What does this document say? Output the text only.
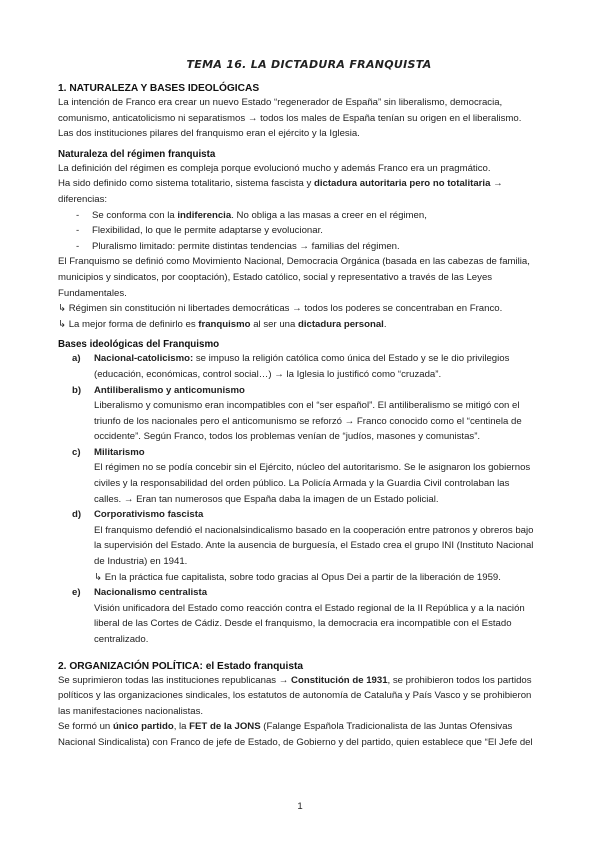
TEMA 16. LA DICTADURA FRANQUISTA
1. NATURALEZA Y BASES IDEOLÓGICAS

La intención de Franco era crear un nuevo Estado “regenerador de España” sin liberalismo, democracia,

comunismo, anticatolicismo ni separatismos → todos los males de España tenían su origen en el liberalismo.

Las dos instituciones pilares del franquismo eran el ejército y la Iglesia.

Naturaleza del régimen franquista

La definición del régimen es compleja porque evolucionó mucho y además Franco era un pragmático.

Ha sido definido como sistema totalitario, sistema fascista y dictadura autoritaria pero no totalitaria →

diferencias:

- Se conforma con la indiferencia. No obliga a las masas a creer en el régimen,
- Flexibilidad, lo que le permite adaptarse y evolucionar.
- Pluralismo limitado: permite distintas tendencias → familias del régimen.

El Franquismo se definió como Movimiento Nacional, Democracia Orgánica (basada en las cabezas de familia,

municipios y sindicatos, por cooptación), Estado católico, social y representativo a través de las Leyes

Fundamentales.

↳ Régimen sin constitución ni libertades democráticas → todos los poderes se concentraban en Franco.

↳ La mejor forma de definirlo es franquismo al ser una dictadura personal.

Bases ideológicas del Franquismo
a) Nacional-catolicismo: se impuso la religión católica como única del Estado y se le dio privilegios

(educación, económicas, control social…) → la Iglesia lo justificó como “cruzada”.

b) Antiliberalismo y anticomunismo

Liberalismo y comunismo eran incompatibles con el “ser español”. El antiliberalismo se mitigó con el

triunfo de los nacionales pero el anticomunismo se reforzó → Franco conocido como el “centinela de

occidente”. Según Franco, todos los problemas venían de “judíos, masones y comunistas”.

c) Militarismo

El régimen no se podía concebir sin el Ejército, núcleo del autoritarismo. Se le asignaron los gobiernos

civiles y la responsabilidad del orden público. La Policía Armada y la Guardia Civil controlaban las

calles. → Eran tan numerosos que España daba la imagen de un Estado policial.

d) Corporativismo fascista

El franquismo defendió el nacionalsindicalismo basado en la cooperación entre patronos y obreros bajo

la supervisión del Estado. Ante la ausencia de burguesía, el Estado crea el grupo INI (Instituto Nacional

de Industria) en 1941.

↳ En la práctica fue capitalista, sobre todo gracias al Opus Dei a partir de la liberación de 1959.

e) Nacionalismo centralista

Visión unificadora del Estado como reacción contra el Estado regional de la II República y a la nación

liberal de las Cortes de Cádiz. Desde el franquismo, la democracia era incompatible con el Estado

centralizado.

2. ORGANIZACIÓN POLÍTICA: el Estado franquista

Se suprimieron todas las instituciones republicanas → Constitución de 1931, se prohibieron todos los partidos

políticos y las organizaciones sindicales, los estatutos de autonomía de Cataluña y País Vasco y se prohibieron

las manifestaciones nacionalistas.

Se formó un único partido, la FET de la JONS (Falange Española Tradicionalista de las Juntas Ofensivas

Nacional Sindicalista) con Franco de jefe de Estado, de Gobierno y del partido, quien establece que “El Jefe del

1
